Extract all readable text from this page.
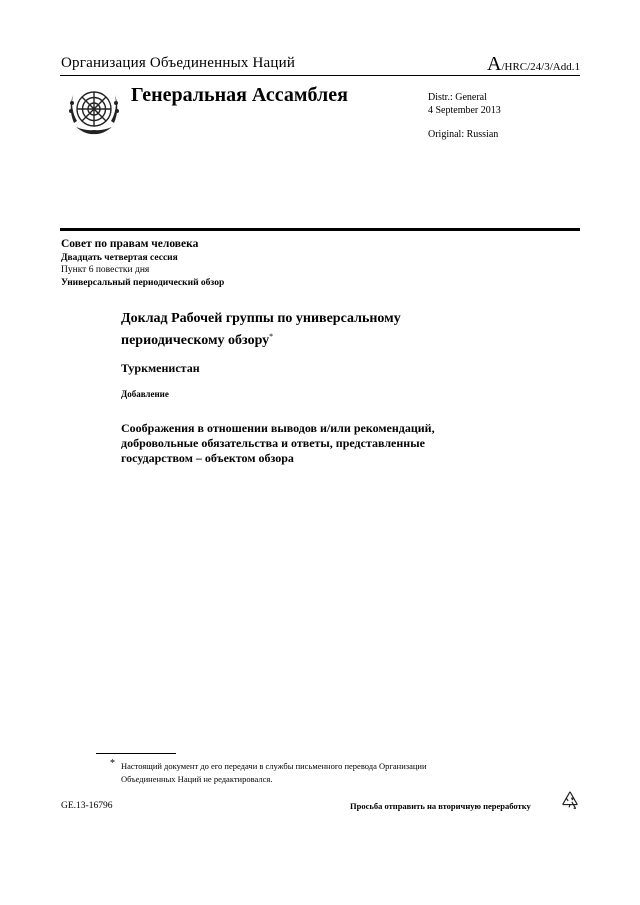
Организация Объединенных Наций	A/HRC/24/3/Add.1
Генеральная Ассамблея	Distr.: General
4 September 2013
Original: Russian
Совет по правам человека
Двадцать четвертая сессия
Пункт 6 повестки дня
Универсальный периодический обзор
Доклад Рабочей группы по универсальному
периодическому обзору*
Туркменистан
Добавление
Соображения в отношении выводов и/или рекомендаций,
добровольные обязательства и ответы, представленные
государством – объектом обзора
* Настоящий документ до его передачи в службы письменного перевода Организации
Объединенных Наций не редактировался.
GE.13-16796	Просьба отправить на вторичную переработку
